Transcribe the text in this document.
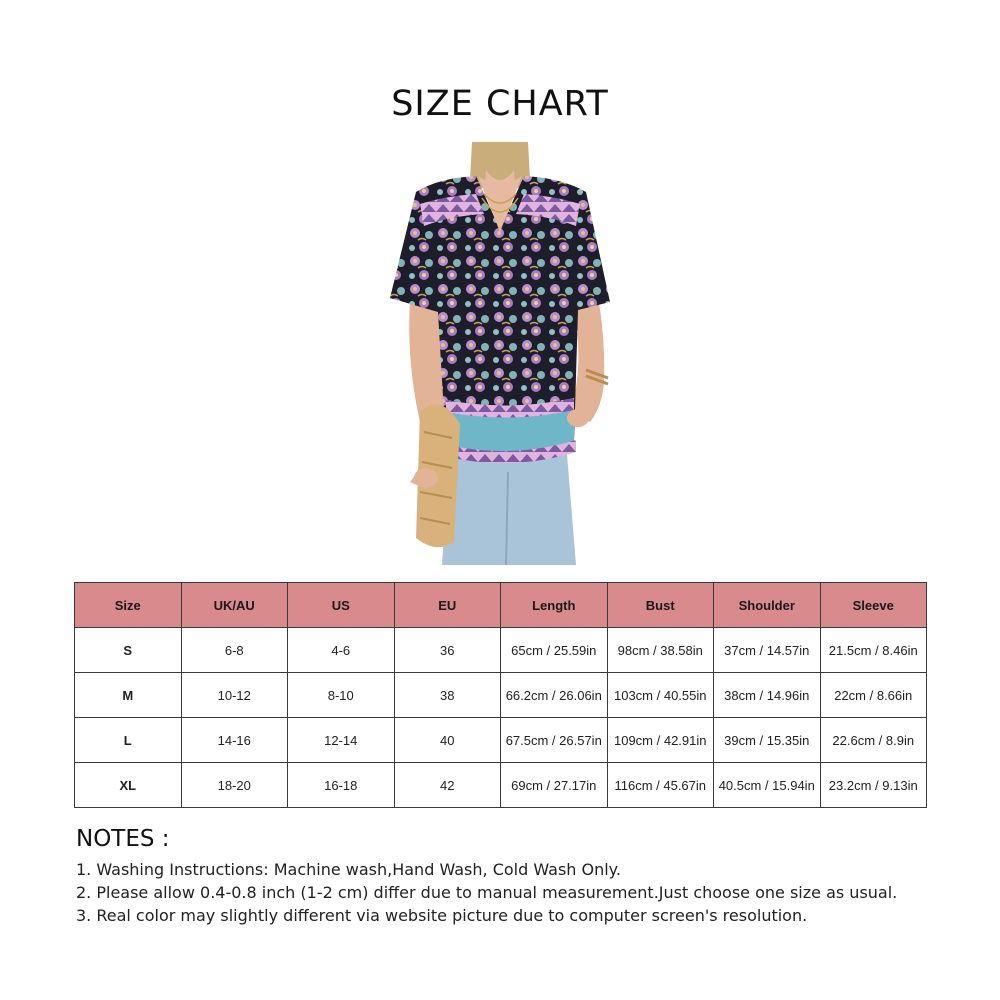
SIZE CHART
Size	UK/AU	US	EU	Length	Bust	Shoulder	Sleeve
S	6-8	4-6	36	65cm / 25.59in	98cm / 38.58in	37cm / 14.57in	21.5cm / 8.46in
M	10-12	8-10	38	66.2cm / 26.06in	103cm / 40.55in	38cm / 14.96in	22cm / 8.66in
L	14-16	12-14	40	67.5cm / 26.57in	109cm / 42.91in	39cm / 15.35in	22.6cm / 8.9in
XL	18-20	16-18	42	69cm / 27.17in	116cm / 45.67in	40.5cm / 15.94in	23.2cm / 9.13in
NOTES :
1. Washing Instructions: Machine wash,Hand Wash, Cold Wash Only.
2. Please allow 0.4-0.8 inch (1-2 cm) differ due to manual measurement.Just choose one size as usual.
3. Real color may slightly different via website picture due to computer screen's resolution.
